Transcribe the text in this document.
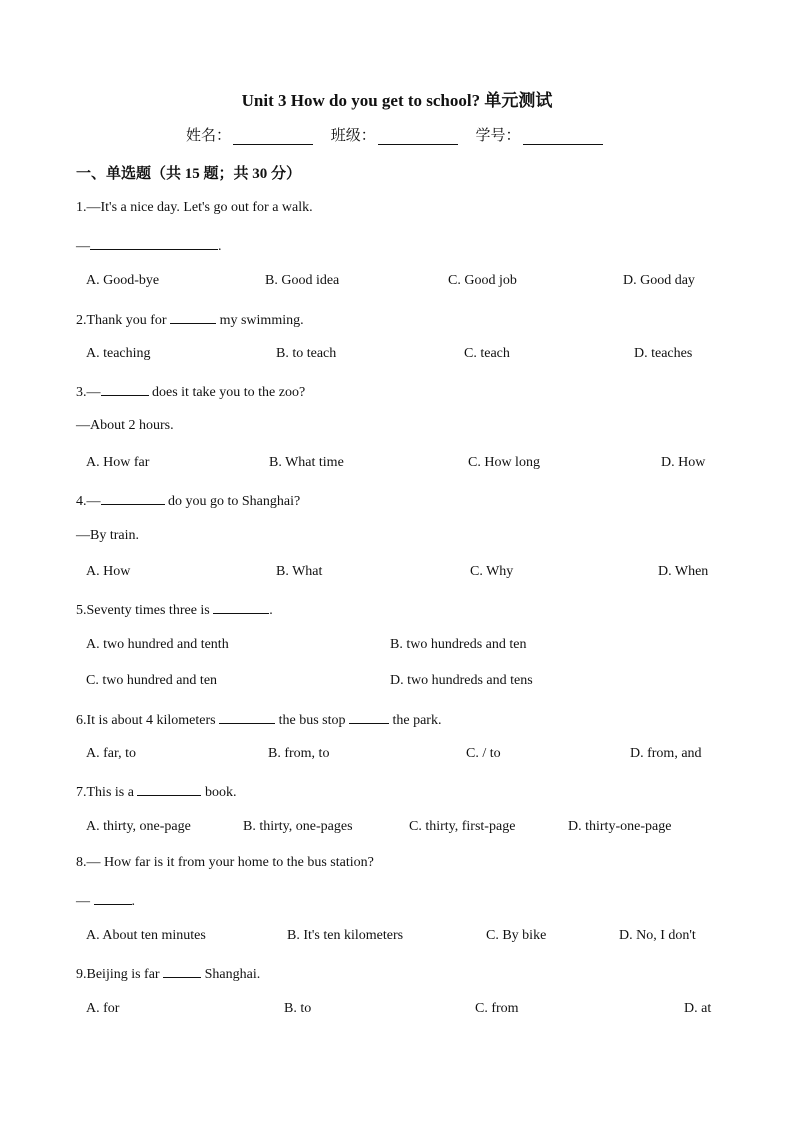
Unit 3 How do you get to school? 单元测试
姓名：	班级：	学号：
一、单选题（共 15 题；共 30 分）
1.—It's a nice day. Let's go out for a walk.
—	.
A. Good-bye	B. Good idea	C. Good job	D. Good day
2.Thank you for	my swimming.
A. teaching	B. to teach	C. teach	D. teaches
3.—	does it take you to the zoo?
—About 2 hours.
A. How far	B. What time	C. How long	D. How
4.—	do you go to Shanghai?
—By train.
A. How	B. What	C. Why	D. When
5.Seventy times three is	.
A. two hundred and tenth	B. two hundreds and ten
C. two hundred and ten	D. two hundreds and tens
6.It is about 4 kilometers	the bus stop	the park.
A. far, to	B. from, to	C. / to	D. from, and
7.This is a	book.
A. thirty, one-page	B. thirty, one-pages	C. thirty, first-page	D. thirty-one-page
8.— How far is it from your home to the bus station?
—	.
A. About ten minutes	B. It's ten kilometers	C. By bike	D. No, I don't
9.Beijing is far	Shanghai.
A. for	B. to	C. from	D. at
